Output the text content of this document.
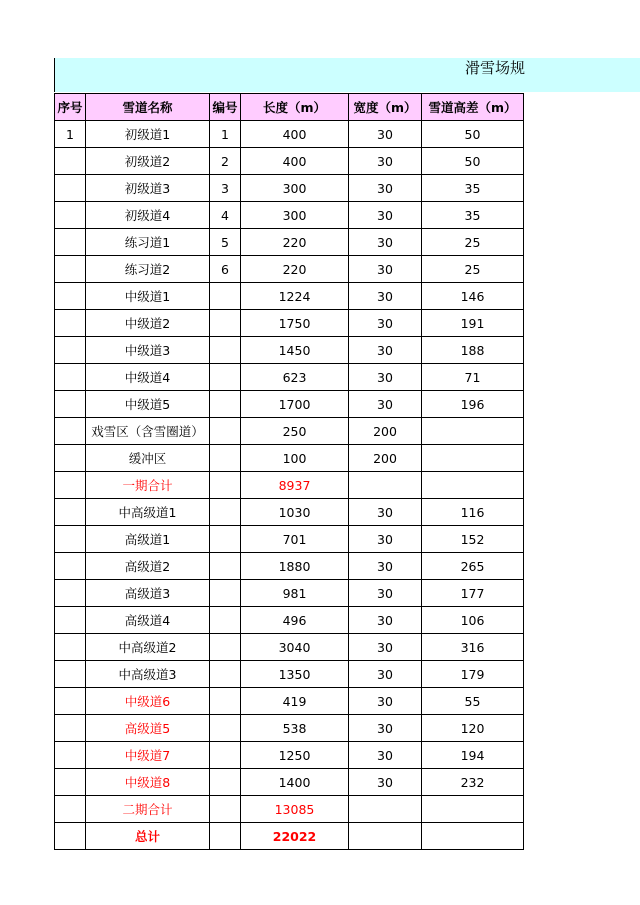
滑雪场规
序号	雪道名称	编号	长度（m）	宽度（m）	雪道高差（m）
1	初级道1	1	400	30	50
	初级道2	2	400	30	50
	初级道3	3	300	30	35
	初级道4	4	300	30	35
	练习道1	5	220	30	25
	练习道2	6	220	30	25
	中级道1		1224	30	146
	中级道2		1750	30	191
	中级道3		1450	30	188
	中级道4		623	30	71
	中级道5		1700	30	196
	戏雪区（含雪圈道）		250	200	
	缓冲区		100	200	
	一期合计		8937		
	中高级道1		1030	30	116
	高级道1		701	30	152
	高级道2		1880	30	265
	高级道3		981	30	177
	高级道4		496	30	106
	中高级道2		3040	30	316
	中高级道3		1350	30	179
	中级道6		419	30	55
	高级道5		538	30	120
	中级道7		1250	30	194
	中级道8		1400	30	232
	二期合计		13085		
	总计		22022		
